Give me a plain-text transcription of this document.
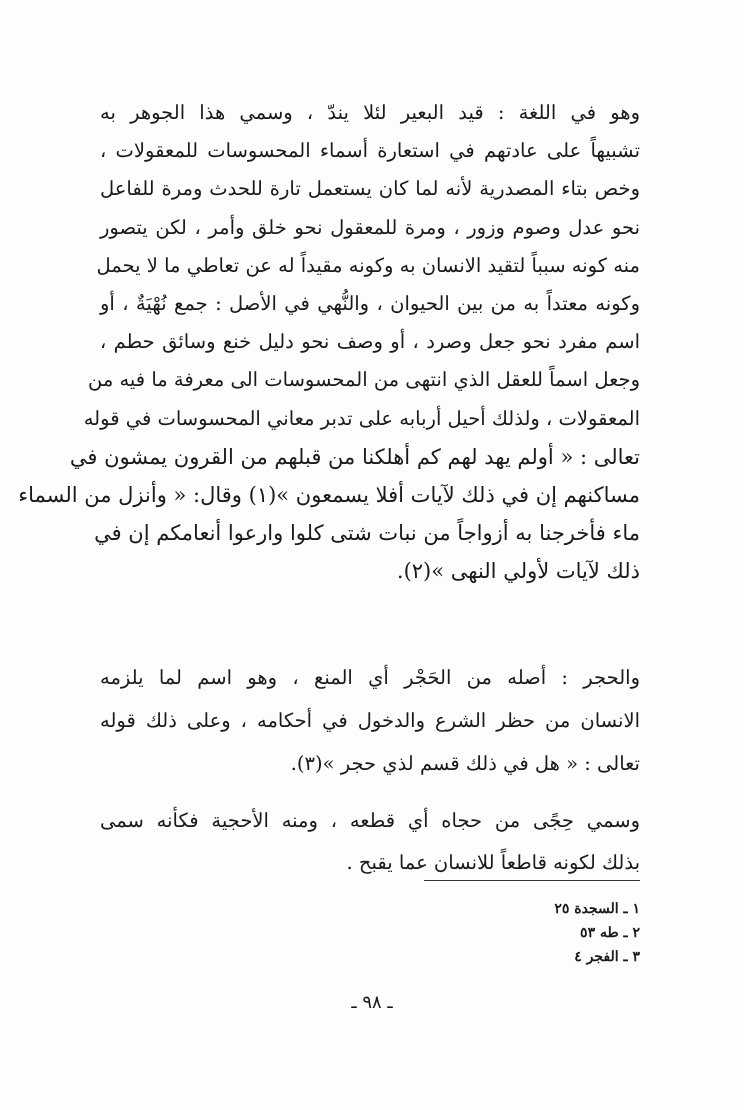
وهو في اللغة : قيد البعير لئلا يندّ ، وسمي هذا الجوهر به
تشبيهاً على عادتهم في استعارة أسماء المحسوسات للمعقولات ،
وخص بتاء المصدرية لأنه لما كان يستعمل تارة للحدث ومرة للفاعل
نحو عدل وصوم وزور ، ومرة للمعقول نحو خلق وأمر ، لكن يتصور
منه كونه سبباً لتقيد الانسان به وكونه مقيداً له عن تعاطي ما لا يحمل
وكونه معتداً به من بين الحيوان ، والنُّهي في الأصل : جمع نُهْيَةٌ ، أو
اسم مفرد نحو جعل وصرد ، أو وصف نحو دليل خنع وسائق حطم ،
وجعل اسماً للعقل الذي انتهى من المحسوسات الى معرفة ما فيه من
المعقولات ، ولذلك أحيل أربابه على تدبر معاني المحسوسات في قوله
تعالى : « أولم يهد لهم كم أهلكنا من قبلهم من القرون يمشون في
مساكنهم إن في ذلك لآيات أفلا يسمعون »(١) وقال: « وأنزل من السماء
ماء فأخرجنا به أزواجاً من نبات شتى كلوا وارعوا أنعامكم إن في
ذلك لآيات لأولي النهى »(٢).
والحجر : أصله من الحَجْر أي المنع ، وهو اسم لما يلزمه
الانسان من حظر الشرع والدخول في أحكامه ، وعلى ذلك قوله
تعالى : « هل في ذلك قسم لذي حجر »(٣).
وسمي حِجًى من حجاه أي قطعه ، ومنه الأحجية فكأنه سمى
بذلك لكونه قاطعاً للانسان عما يقبح .
١ ـ السجدة ٢٥
٢ ـ طه ٥٣
٣ ـ الفجر ٤
ـ ٩٨ ـ
